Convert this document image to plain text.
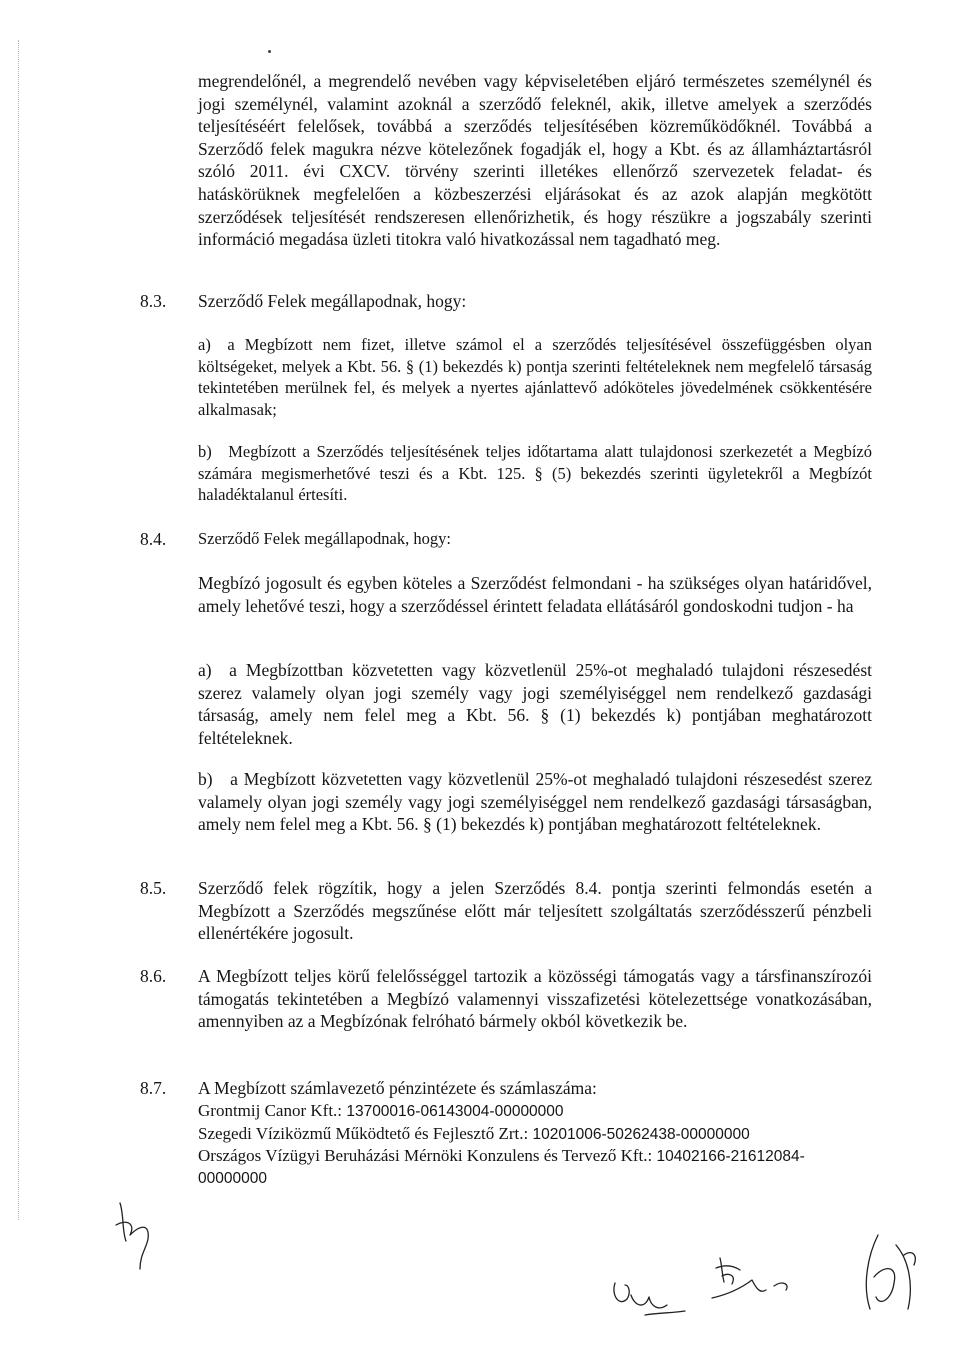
megrendelőnél, a megrendelő nevében vagy képviseletében eljáró természetes személynél és jogi személynél, valamint azoknál a szerződő feleknél, akik, illetve amelyek a szerződés teljesítéséért felelősek, továbbá a szerződés teljesítésében közreműködőknél. Továbbá a Szerződő felek magukra nézve kötelezőnek fogadják el, hogy a Kbt. és az államháztartásról szóló 2011. évi CXCV. törvény szerinti illetékes ellenőrző szervezetek feladat- és hatáskörüknek megfelelően a közbeszerzési eljárásokat és az azok alapján megkötött szerződések teljesítését rendszeresen ellenőrizhetik, és hogy részükre a jogszabály szerinti információ megadása üzleti titokra való hivatkozással nem tagadható meg.

8.3. Szerződő Felek megállapodnak, hogy:

a) a Megbízott nem fizet, illetve számol el a szerződés teljesítésével összefüggésben olyan költségeket, melyek a Kbt. 56. § (1) bekezdés k) pontja szerinti feltételeknek nem megfelelő társaság tekintetében merülnek fel, és melyek a nyertes ajánlattevő adóköteles jövedelmének csökkentésére alkalmasak;

b) Megbízott a Szerződés teljesítésének teljes időtartama alatt tulajdonosi szerkezetét a Megbízó számára megismerhetővé teszi és a Kbt. 125. § (5) bekezdés szerinti ügyletekről a Megbízót haladéktalanul értesíti.

8.4. Szerződő Felek megállapodnak, hogy:

Megbízó jogosult és egyben köteles a Szerződést felmondani - ha szükséges olyan határidővel, amely lehetővé teszi, hogy a szerződéssel érintett feladata ellátásáról gondoskodni tudjon - ha

a) a Megbízottban közvetetten vagy közvetlenül 25%-ot meghaladó tulajdoni részesedést szerez valamely olyan jogi személy vagy jogi személyiséggel nem rendelkező gazdasági társaság, amely nem felel meg a Kbt. 56. § (1) bekezdés k) pontjában meghatározott feltételeknek.

b) a Megbízott közvetetten vagy közvetlenül 25%-ot meghaladó tulajdoni részesedést szerez valamely olyan jogi személy vagy jogi személyiséggel nem rendelkező gazdasági társaságban, amely nem felel meg a Kbt. 56. § (1) bekezdés k) pontjában meghatározott feltételeknek.

8.5. Szerződő felek rögzítik, hogy a jelen Szerződés 8.4. pontja szerinti felmondás esetén a Megbízott a Szerződés megszűnése előtt már teljesített szolgáltatás szerződésszerű pénzbeli ellenértékére jogosult.

8.6. A Megbízott teljes körű felelősséggel tartozik a közösségi támogatás vagy a társfinanszírozói támogatás tekintetében a Megbízó valamennyi visszafizetési kötelezettsége vonatkozásában, amennyiben az a Megbízónak felróható bármely okból következik be.

8.7. A Megbízott számlavezető pénzintézete és számlaszáma:

Grontmij Canor Kft.: 13700016-06143004-00000000
Szegedi Víziközmű Működtető és Fejlesztő Zrt.: 10201006-50262438-00000000
Országos Vízügyi Beruházási Mérnöki Konzulens és Tervező Kft.: 10402166-21612084-
00000000
